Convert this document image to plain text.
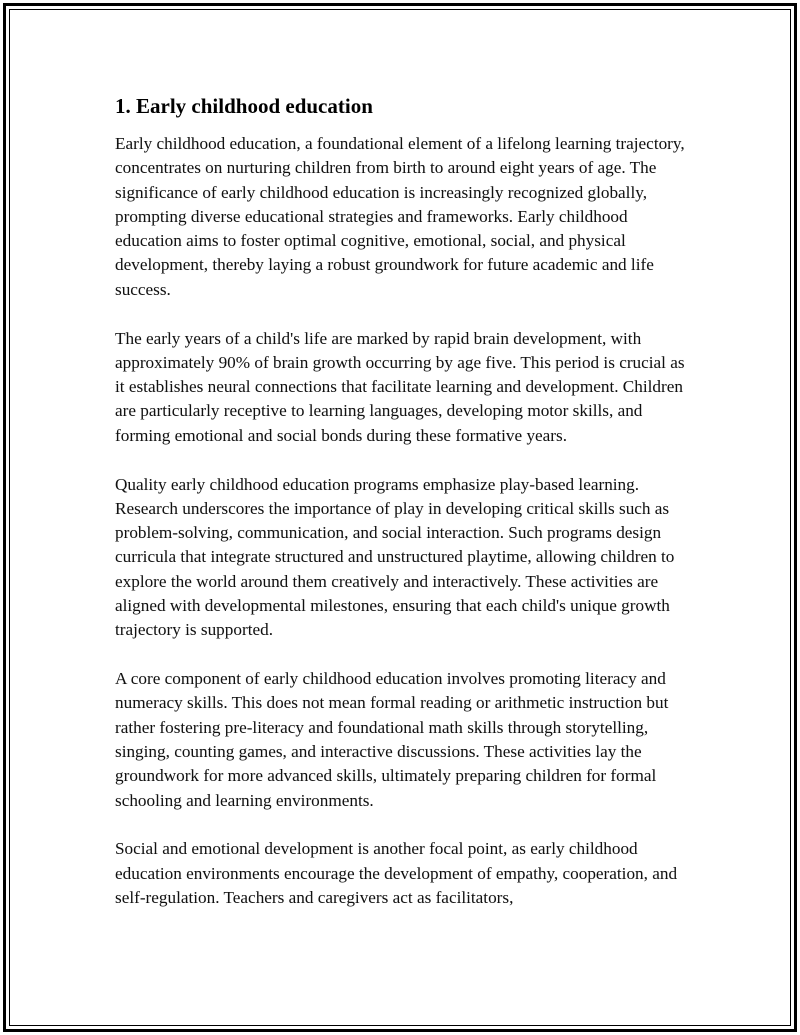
1. Early childhood education

Early childhood education, a foundational element of a lifelong learning trajectory, concentrates on nurturing children from birth to around eight years of age. The significance of early childhood education is increasingly recognized globally, prompting diverse educational strategies and frameworks. Early childhood education aims to foster optimal cognitive, emotional, social, and physical development, thereby laying a robust groundwork for future academic and life success.

The early years of a child's life are marked by rapid brain development, with approximately 90% of brain growth occurring by age five. This period is crucial as it establishes neural connections that facilitate learning and development. Children are particularly receptive to learning languages, developing motor skills, and forming emotional and social bonds during these formative years.

Quality early childhood education programs emphasize play-based learning. Research underscores the importance of play in developing critical skills such as problem-solving, communication, and social interaction. Such programs design curricula that integrate structured and unstructured playtime, allowing children to explore the world around them creatively and interactively. These activities are aligned with developmental milestones, ensuring that each child's unique growth trajectory is supported.

A core component of early childhood education involves promoting literacy and numeracy skills. This does not mean formal reading or arithmetic instruction but rather fostering pre-literacy and foundational math skills through storytelling, singing, counting games, and interactive discussions. These activities lay the groundwork for more advanced skills, ultimately preparing children for formal schooling and learning environments.

Social and emotional development is another focal point, as early childhood education environments encourage the development of empathy, cooperation, and self-regulation. Teachers and caregivers act as facilitators,
